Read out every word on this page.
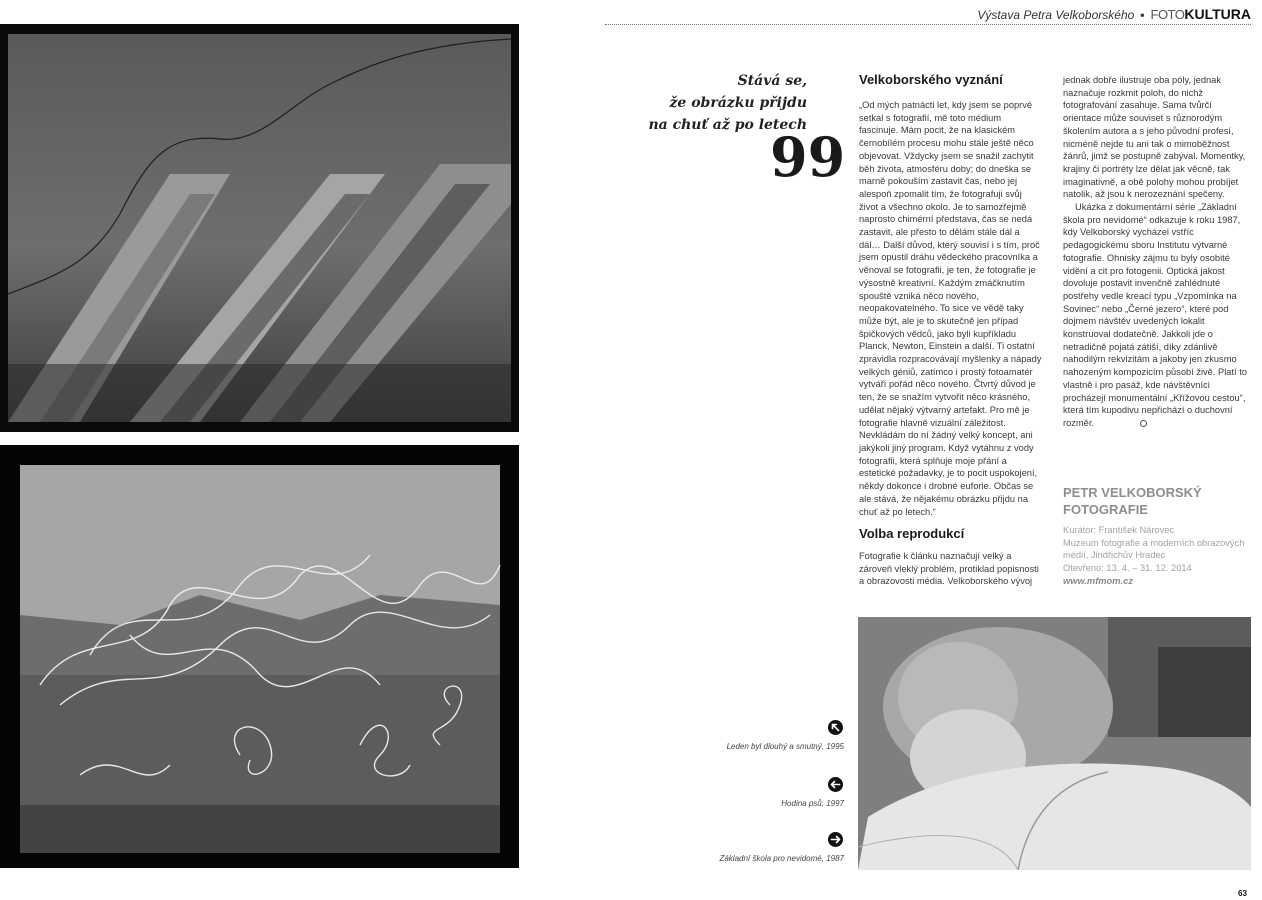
Výstava Petra Velkoborského • FOTOKULTURA
Stává se,
že obrázku přijdu
na chuť až po letech
99
Velkoborského vyznání
„Od mých patnácti let, kdy jsem se poprvé setkal s fotografií, mě toto médium fascinuje. Mám pocit, že na klasickém černobílém procesu mohu stále ještě něco objevovat. Vždycky jsem se snažil zachytit běh života, atmosféru doby; do dneška se marně pokouším zastavit čas, nebo jej alespoň zpomalit tím, že fotografuji svůj život a všechno okolo. Je to samozřejmě naprosto chimérní představa, čas se nedá zastavit, ale přesto to dělám stále dál a dál… Další důvod, který souvisí i s tím, proč jsem opustil dráhu vědeckého pracovníka a věnoval se fotografii, je ten, že fotografie je výsostně kreativní. Každým zmáčknutím spouště vzniká něco nového, neopakovatelného. To sice ve vědě taky může být, ale je to skutečně jen případ špičkových vědců, jako byli kupříkladu Planck, Newton, Einstein a další. Ti ostatní zpravidla rozpracovávají myšlenky a nápady velkých géniů, zatímco i prostý fotoamatér vytváří pořád něco nového. Čtvrtý důvod je ten, že se snažím vytvořit něco krásného, udělat nějaký výtvarný artefakt. Pro mě je fotografie hlavně vizuální záležitost. Nevkládám do ní žádný velký koncept, ani jakýkoli jiný program. Když vytáhnu z vody fotografii, která splňuje moje přání a estetické požadavky, je to pocit uspokojení, někdy dokonce i drobné euforie. Občas se ale stává, že nějakému obrázku přijdu na chuť až po letech.“
Volba reprodukcí
Fotografie k článku naznačují velký a zároveň vleklý problém, protiklad popisnosti a obrazovosti média. Velkoborského vývoj
jednak dobře ilustruje oba póly, jednak naznačuje rozkmit poloh, do nichž fotografování zasahuje. Sama tvůrčí orientace může souviset s různorodým školením autora a s jeho původní profesí, nicméně nejde tu ani tak o mimoběžnost žánrů, jimž se postupně zabýval. Momentky, krajiny či portréty lze dělat jak věcně, tak imaginativně, a obě polohy mohou probíjet natolik, až jsou k nerozeznání spečeny.
Ukázka z dokumentární série „Základní škola pro nevidomé“ odkazuje k roku 1987, kdy Velkoborský vycházel vstříc pedagogickému sboru Institutu výtvarné fotografie. Ohnisky zájmu tu byly osobité vidění a cit pro fotogenii. Optická jakost dovoluje postavit invenčně zahlédnuté postřehy vedle kreací typu „Vzpomínka na Sovinec“ nebo „Černé jezero“, které pod dojmem návštěv uvedených lokalit konstruoval dodatečně. Jakkoli jde o netradičně pojatá zátiší, díky zdánlivě nahodilým rekvizitám a jakoby jen zkusmo nahozeným kompozicím působí živě. Platí to vlastně i pro pasáž, kde návštěvníci procházejí monumentální „Křížovou cestou“, která tím kupodivu nepřichází o duchovní rozměr.
PETR VELKOBORSKÝ FOTOGRAFIE
Kurátor: František Nárovec
Muzeum fotografie a moderních obrazových médií, Jindřichův Hradec
Otevřeno: 13. 4. – 31. 12. 2014
www.mfmom.cz
Leden byl dlouhý a smutný, 1995
Hodina psů, 1997
Základní škola pro nevidomé, 1987
63
